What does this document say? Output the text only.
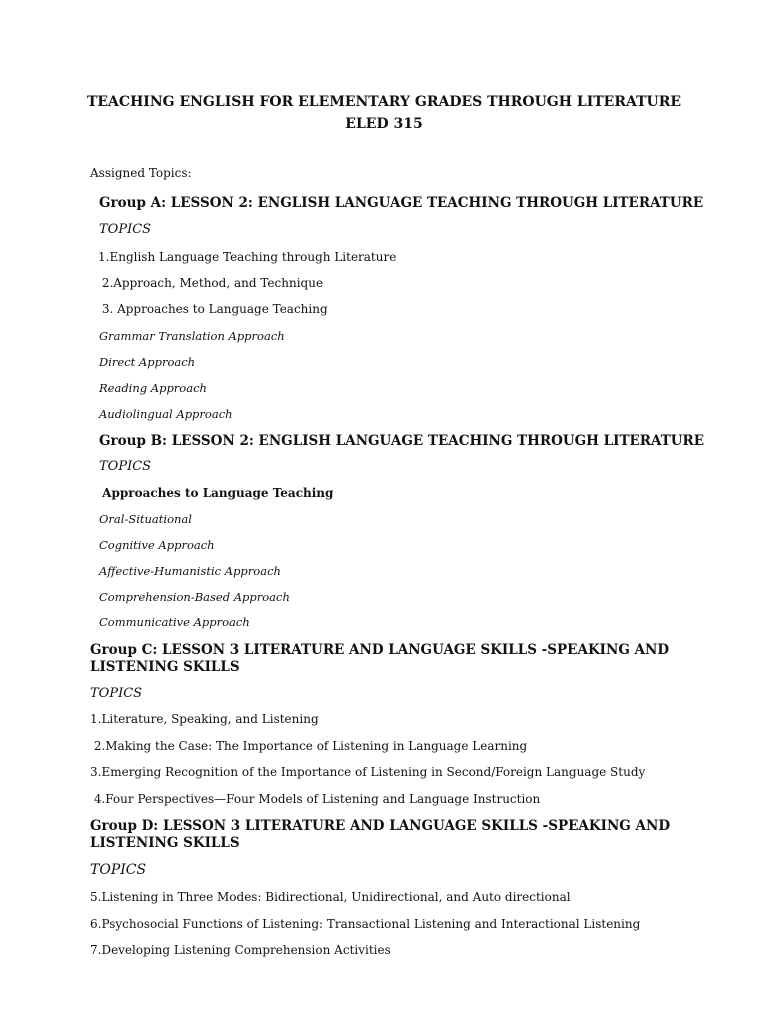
TEACHING ENGLISH FOR ELEMENTARY GRADES THROUGH LITERATURE
ELED 315
Assigned Topics:
Group A: LESSON 2: ENGLISH LANGUAGE TEACHING THROUGH LITERATURE
TOPICS
1.English Language Teaching through Literature
2.Approach, Method, and Technique
3. Approaches to Language Teaching
Grammar Translation Approach
Direct Approach
Reading Approach
Audiolingual Approach
Group B: LESSON 2: ENGLISH LANGUAGE TEACHING THROUGH LITERATURE
TOPICS
Approaches to Language Teaching
Oral-Situational
Cognitive Approach
Affective-Humanistic Approach
Comprehension-Based Approach
Communicative Approach
Group C: LESSON 3 LITERATURE AND LANGUAGE SKILLS -SPEAKING AND
LISTENING SKILLS
TOPICS
1.Literature, Speaking, and Listening
2.Making the Case: The Importance of Listening in Language Learning
3.Emerging Recognition of the Importance of Listening in Second/Foreign Language Study
4.Four Perspectives—Four Models of Listening and Language Instruction
Group D: LESSON 3 LITERATURE AND LANGUAGE SKILLS -SPEAKING AND
LISTENING SKILLS
TOPICS
5.Listening in Three Modes: Bidirectional, Unidirectional, and Auto directional
6.Psychosocial Functions of Listening: Transactional Listening and Interactional Listening
7.Developing Listening Comprehension Activities
